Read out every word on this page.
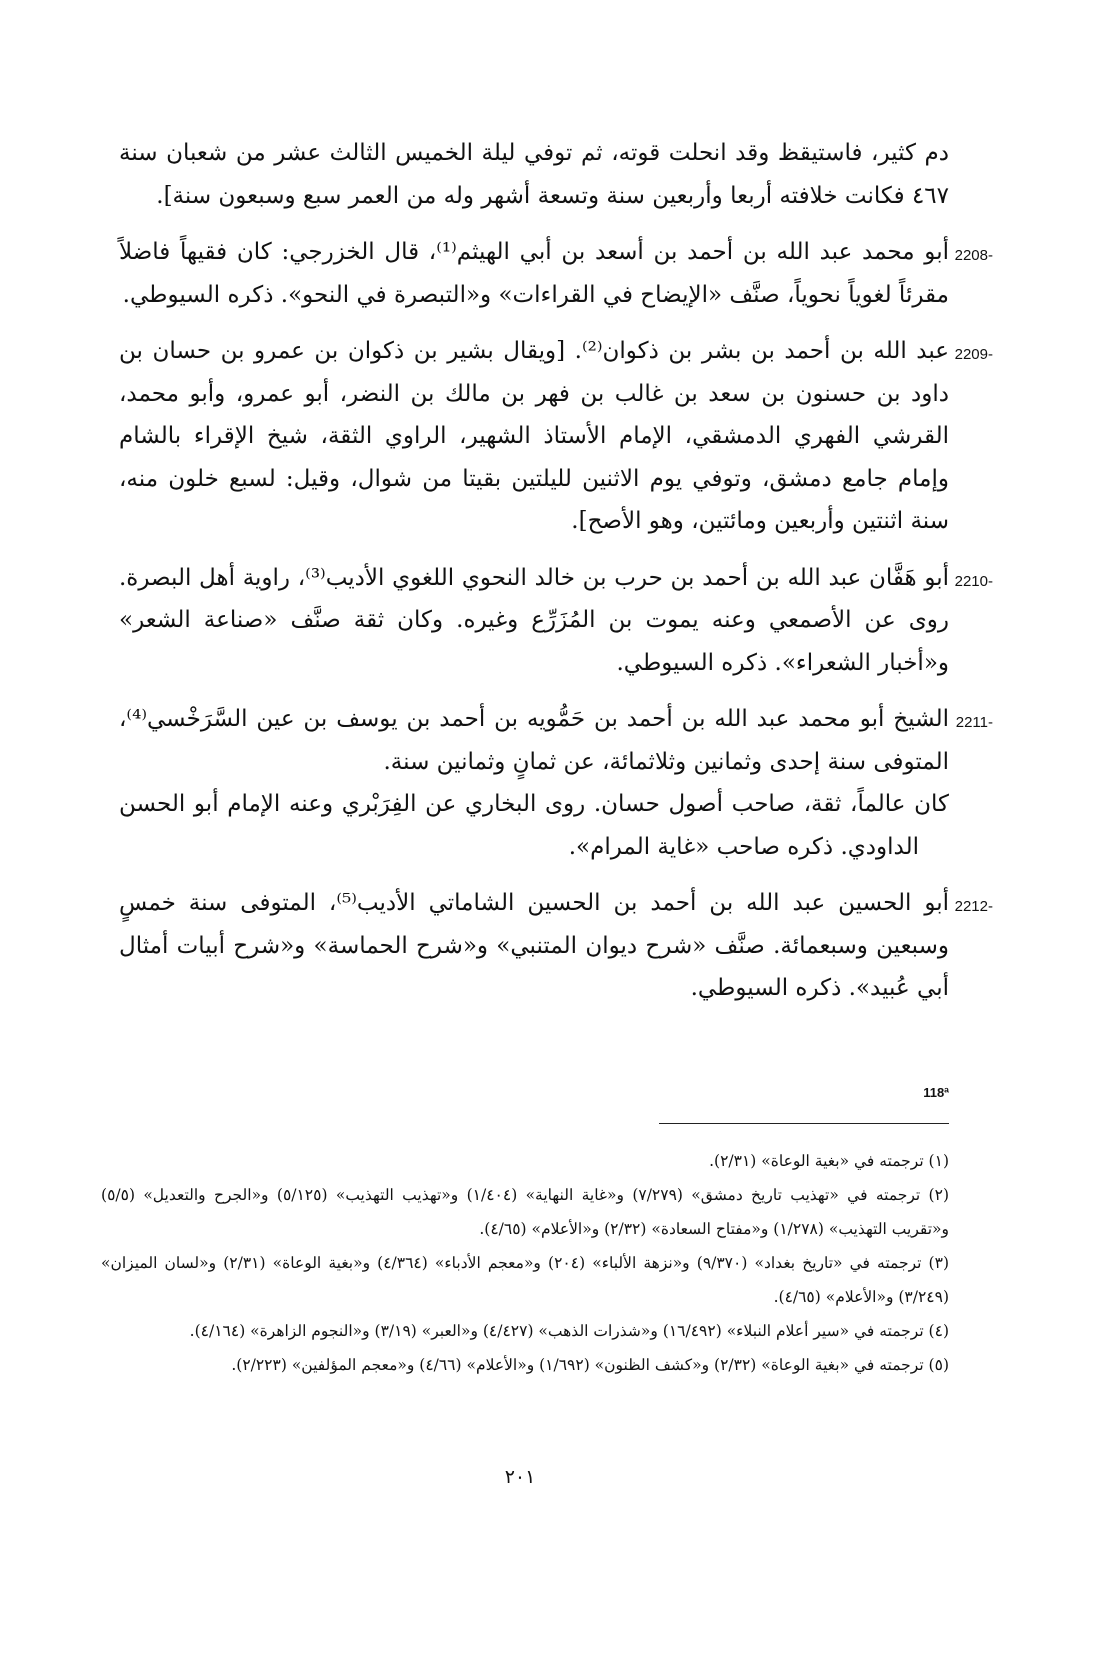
دم كثير، فاستيقظ وقد انحلت قوته، ثم توفي ليلة الخميس الثالث عشر من شعبان سنة ٤٦٧ فكانت خلافته أربعا وأربعين سنة وتسعة أشهر وله من العمر سبع وسبعون سنة].

2208-

أبو محمد عبد الله بن أحمد بن أسعد بن أبي الهيثم⁽¹⁾، قال الخزرجي: كان فقيهاً فاضلاً مقرئاً لغوياً نحوياً، صنَّف «الإيضاح في القراءات» و«التبصرة في النحو». ذكره السيوطي.

2209-

عبد الله بن أحمد بن بشر بن ذكوان⁽²⁾. [ويقال بشير بن ذكوان بن عمرو بن حسان بن داود بن حسنون بن سعد بن غالب بن فهر بن مالك بن النضر، أبو عمرو، وأبو محمد، القرشي الفهري الدمشقي، الإمام الأستاذ الشهير، الراوي الثقة، شيخ الإقراء بالشام وإمام جامع دمشق، وتوفي يوم الاثنين لليلتين بقيتا من شوال، وقيل: لسبع خلون منه، سنة اثنتين وأربعين ومائتين، وهو الأصح].

2210-

أبو هَفَّان عبد الله بن أحمد بن حرب بن خالد النحوي اللغوي الأديب⁽³⁾، راوية أهل البصرة. روى عن الأصمعي وعنه يموت بن المُزَرِّع وغيره. وكان ثقة صنَّف «صناعة الشعر» و«أخبار الشعراء». ذكره السيوطي.

2211-

الشيخ أبو محمد عبد الله بن أحمد بن حَمُّويه بن أحمد بن يوسف بن عين السَّرَخْسي⁽⁴⁾، المتوفى سنة إحدى وثمانين وثلاثمائة، عن ثمانٍ وثمانين سنة.

كان عالماً، ثقة، صاحب أصول حسان. روى البخاري عن الفِرَبْري وعنه الإمام أبو الحسن الداودي. ذكره صاحب «غاية المرام».

2212-

أبو الحسين عبد الله بن أحمد بن الحسين الشاماتي الأديب⁽⁵⁾، المتوفى سنة خمسٍ وسبعين وسبعمائة. صنَّف «شرح ديوان المتنبي» و«شرح الحماسة» و«شرح أبيات أمثال أبي عُبيد». ذكره السيوطي.

118ª

(١) ترجمته في «بغية الوعاة» (٢/٣١).

(٢) ترجمته في «تهذيب تاريخ دمشق» (٧/٢٧٩) و«غاية النهاية» (١/٤٠٤) و«تهذيب التهذيب» (٥/١٢٥) و«الجرح والتعديل» (٥/٥) و«تقريب التهذيب» (١/٢٧٨) و«مفتاح السعادة» (٢/٣٢) و«الأعلام» (٤/٦٥).

(٣) ترجمته في «تاريخ بغداد» (٩/٣٧٠) و«نزهة الألباء» (٢٠٤) و«معجم الأدباء» (٤/٣٦٤) و«بغية الوعاة» (٢/٣١) و«لسان الميزان» (٣/٢٤٩) و«الأعلام» (٤/٦٥).

(٤) ترجمته في «سير أعلام النبلاء» (١٦/٤٩٢) و«شذرات الذهب» (٤/٤٢٧) و«العبر» (٣/١٩) و«النجوم الزاهرة» (٤/١٦٤).

(٥) ترجمته في «بغية الوعاة» (٢/٣٢) و«كشف الظنون» (١/٦٩٢) و«الأعلام» (٤/٦٦) و«معجم المؤلفين» (٢/٢٢٣).

٢٠١
